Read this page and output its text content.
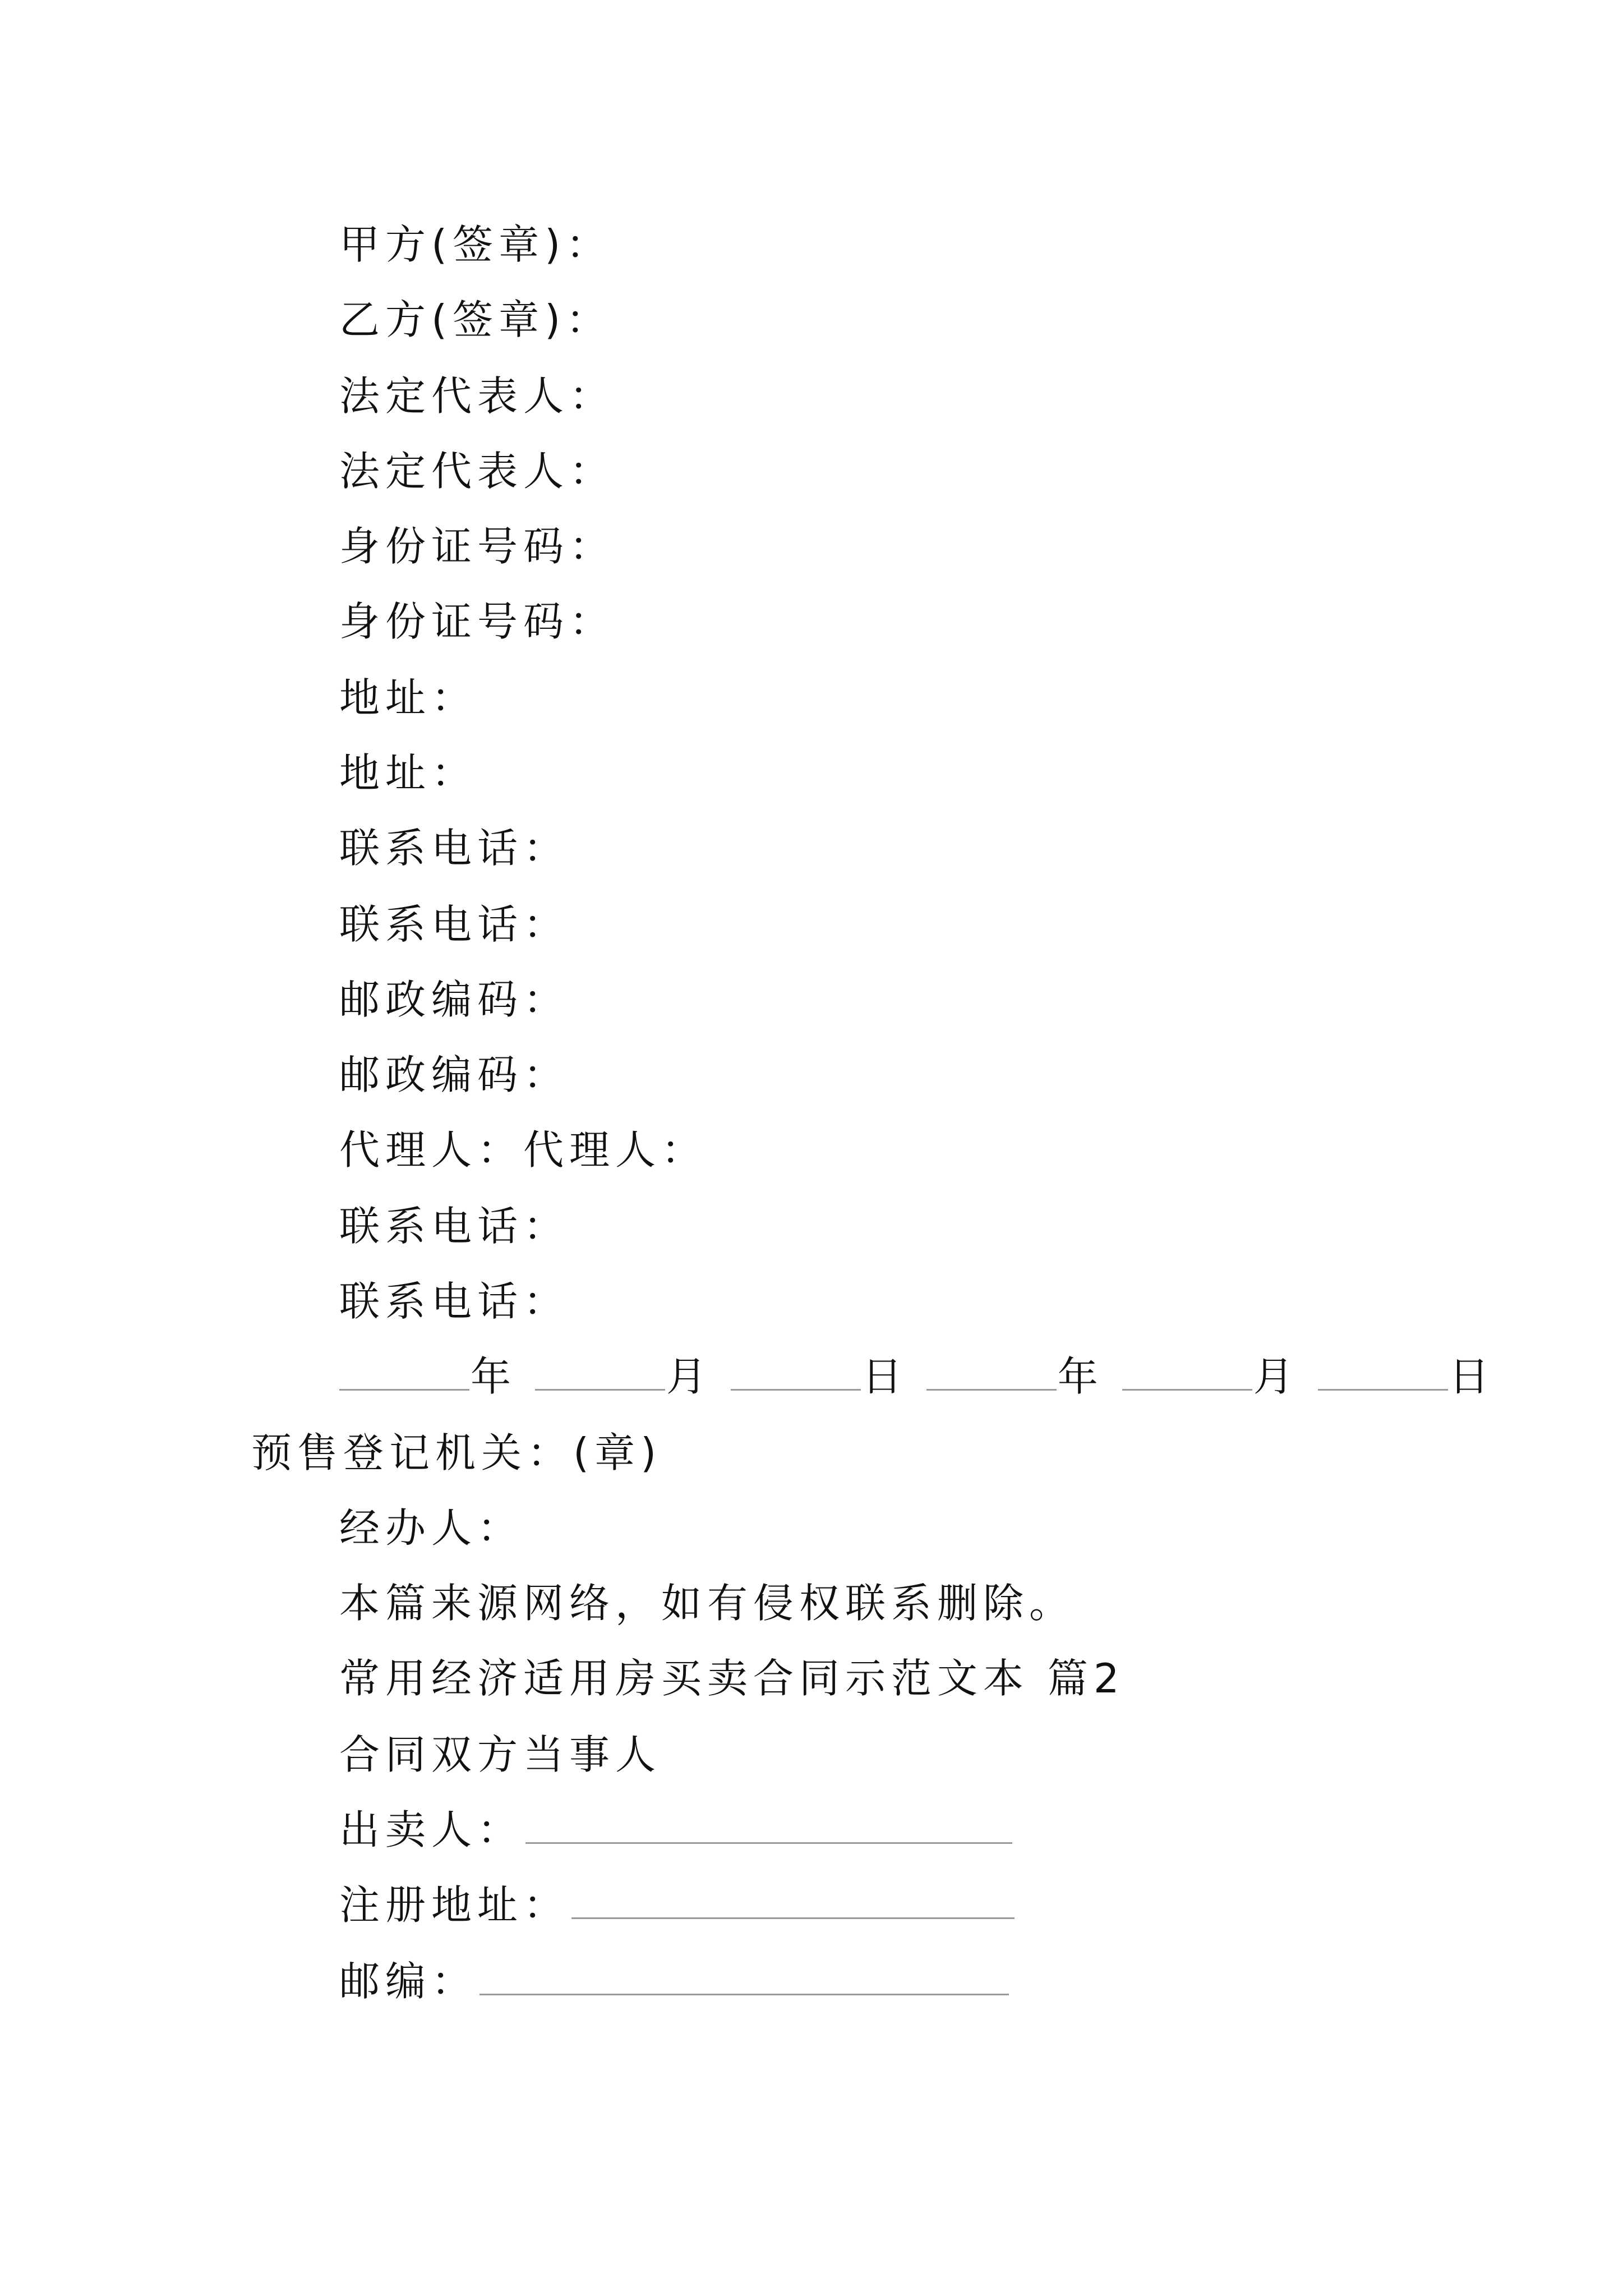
甲方(签章)：
乙方(签章)：
法定代表人：
法定代表人：
身份证号码：
身份证号码：
地址：
地址：
联系电话：
联系电话：
邮政编码：
邮政编码：
代理人：代理人：
联系电话：
联系电话：
年	月	日	年	月	日
预售登记机关：(章)
经办人：
本篇来源网络，如有侵权联系删除。
常用经济适用房买卖合同示范文本 篇2
合同双方当事人
出卖人：
注册地址：
邮编：
